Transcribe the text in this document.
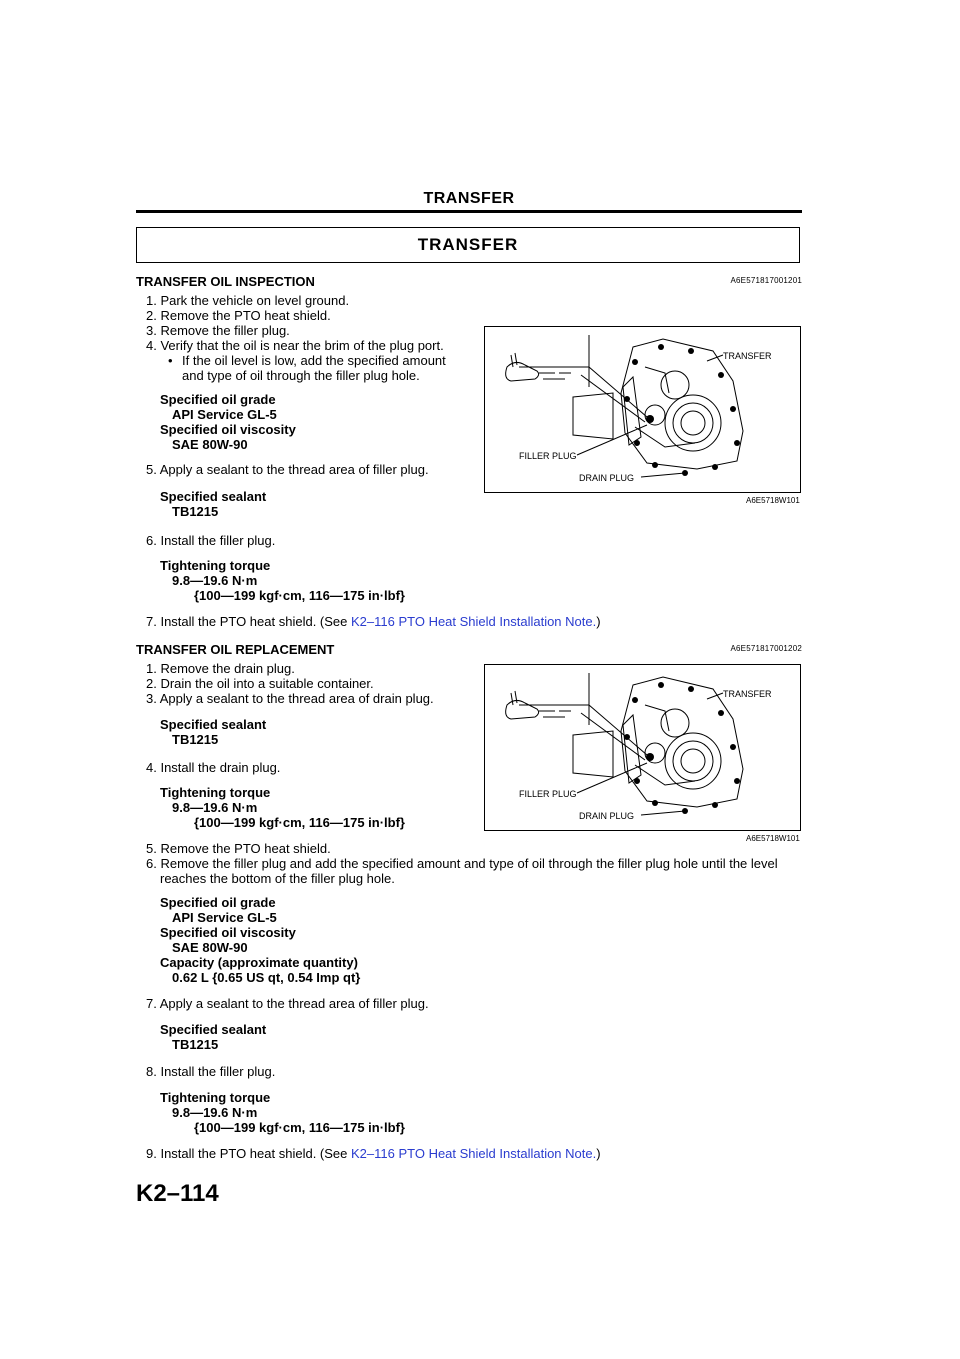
TRANSFER
TRANSFER
TRANSFER OIL INSPECTION	A6E571817001201
1. Park the vehicle on level ground.
2. Remove the PTO heat shield.
3. Remove the filler plug.
4. Verify that the oil is near the brim of the plug port.
• If the oil level is low, add the specified amount
and type of oil through the filler plug hole.
Specified oil grade
API Service GL-5
Specified oil viscosity
SAE 80W-90
5. Apply a sealant to the thread area of filler plug.
Specified sealant
TB1215
6. Install the filler plug.
Tightening torque
9.8—19.6 N·m
{100—199 kgf·cm, 116—175 in·lbf}
7. Install the PTO heat shield. (See K2–116 PTO Heat Shield Installation Note.)
TRANSFER
FILLER PLUG
DRAIN PLUG
A6E5718W101
TRANSFER OIL REPLACEMENT	A6E571817001202
1. Remove the drain plug.
2. Drain the oil into a suitable container.
3. Apply a sealant to the thread area of drain plug.
Specified sealant
TB1215
4. Install the drain plug.
Tightening torque
9.8—19.6 N·m
{100—199 kgf·cm, 116—175 in·lbf}
5. Remove the PTO heat shield.
6. Remove the filler plug and add the specified amount and type of oil through the filler plug hole until the level
reaches the bottom of the filler plug hole.
Specified oil grade
API Service GL-5
Specified oil viscosity
SAE 80W-90
Capacity (approximate quantity)
0.62 L {0.65 US qt, 0.54 Imp qt}
7. Apply a sealant to the thread area of filler plug.
Specified sealant
TB1215
8. Install the filler plug.
Tightening torque
9.8—19.6 N·m
{100—199 kgf·cm, 116—175 in·lbf}
9. Install the PTO heat shield. (See K2–116 PTO Heat Shield Installation Note.)
TRANSFER
FILLER PLUG
DRAIN PLUG
A6E5718W101
K2–114
